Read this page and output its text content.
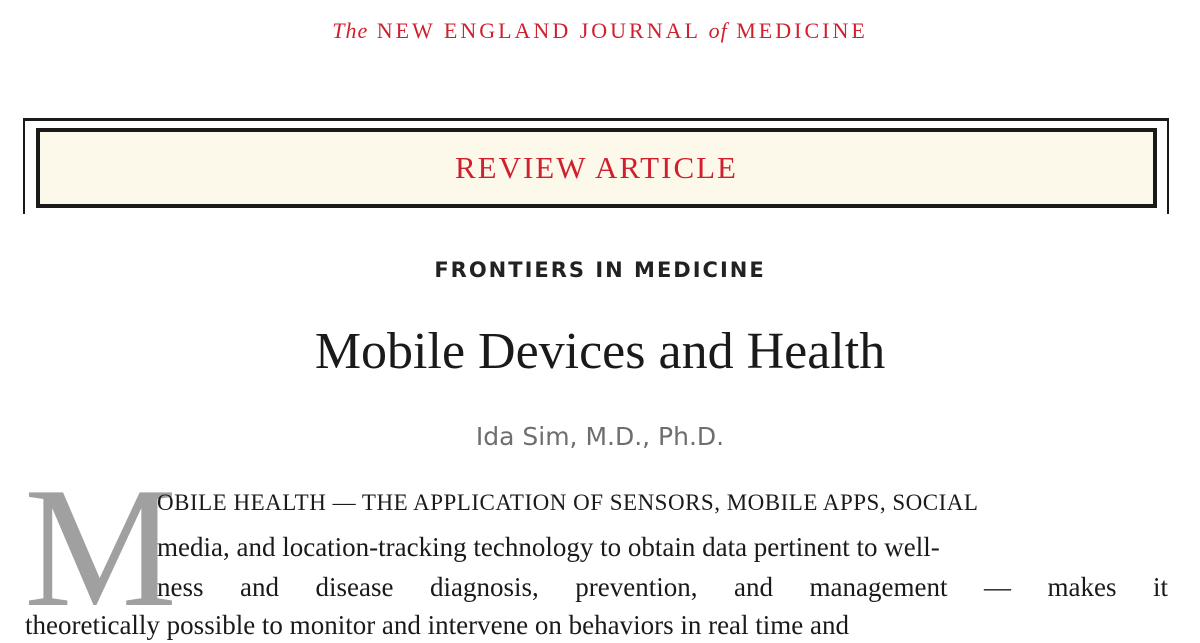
The NEW ENGLAND JOURNAL of MEDICINE
REVIEW ARTICLE
FRONTIERS IN MEDICINE
Mobile Devices and Health
Ida Sim, M.D., Ph.D.
M
OBILE HEALTH — THE APPLICATION OF SENSORS, MOBILE APPS, SOCIAL
media, and location-tracking technology to obtain data pertinent to well-
ness and disease diagnosis, prevention, and management — makes it
theoretically possible to monitor and intervene on behaviors in real time and
